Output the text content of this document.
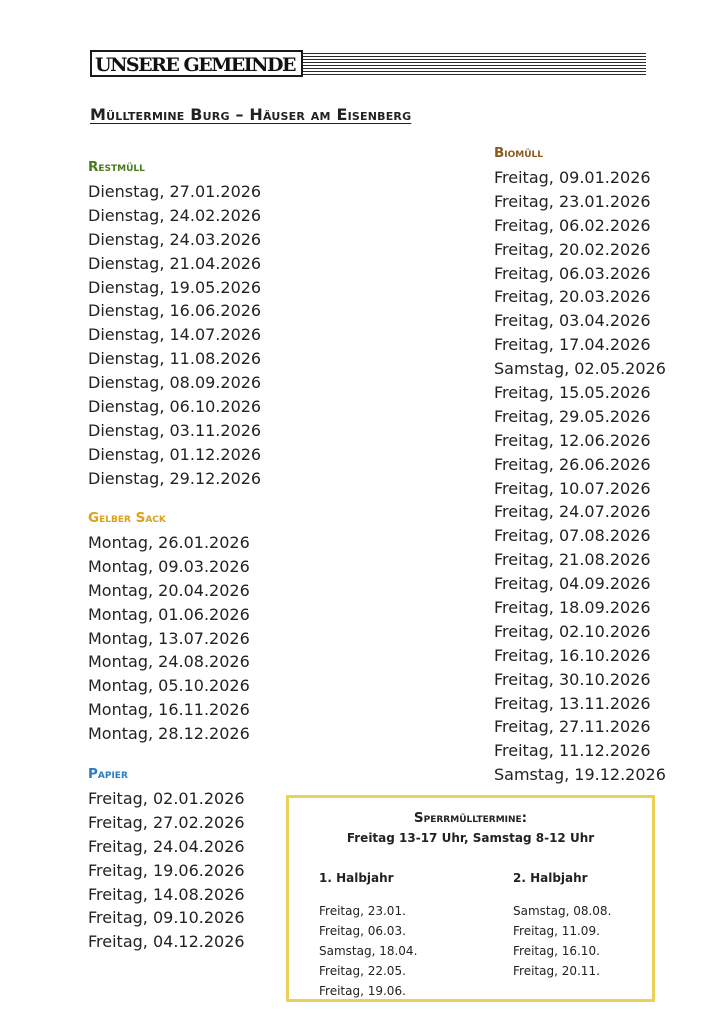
UNSERE GEMEINDE
Mülltermine Burg – Häuser am Eisenberg
Restmüll
Dienstag, 27.01.2026
Dienstag, 24.02.2026
Dienstag, 24.03.2026
Dienstag, 21.04.2026
Dienstag, 19.05.2026
Dienstag, 16.06.2026
Dienstag, 14.07.2026
Dienstag, 11.08.2026
Dienstag, 08.09.2026
Dienstag, 06.10.2026
Dienstag, 03.11.2026
Dienstag, 01.12.2026
Dienstag, 29.12.2026
Gelber Sack
Montag, 26.01.2026
Montag, 09.03.2026
Montag, 20.04.2026
Montag, 01.06.2026
Montag, 13.07.2026
Montag, 24.08.2026
Montag, 05.10.2026
Montag, 16.11.2026
Montag, 28.12.2026
Papier
Freitag, 02.01.2026
Freitag, 27.02.2026
Freitag, 24.04.2026
Freitag, 19.06.2026
Freitag, 14.08.2026
Freitag, 09.10.2026
Freitag, 04.12.2026
Biomüll
Freitag, 09.01.2026
Freitag, 23.01.2026
Freitag, 06.02.2026
Freitag, 20.02.2026
Freitag, 06.03.2026
Freitag, 20.03.2026
Freitag, 03.04.2026
Freitag, 17.04.2026
Samstag, 02.05.2026
Freitag, 15.05.2026
Freitag, 29.05.2026
Freitag, 12.06.2026
Freitag, 26.06.2026
Freitag, 10.07.2026
Freitag, 24.07.2026
Freitag, 07.08.2026
Freitag, 21.08.2026
Freitag, 04.09.2026
Freitag, 18.09.2026
Freitag, 02.10.2026
Freitag, 16.10.2026
Freitag, 30.10.2026
Freitag, 13.11.2026
Freitag, 27.11.2026
Freitag, 11.12.2026
Samstag, 19.12.2026
Sperrmülltermine:
Freitag 13-17 Uhr, Samstag 8-12 Uhr
1. Halbjahr
Freitag, 23.01.
Freitag, 06.03.
Samstag, 18.04.
Freitag, 22.05.
Freitag, 19.06.
2. Halbjahr
Samstag, 08.08.
Freitag, 11.09.
Freitag, 16.10.
Freitag, 20.11.
